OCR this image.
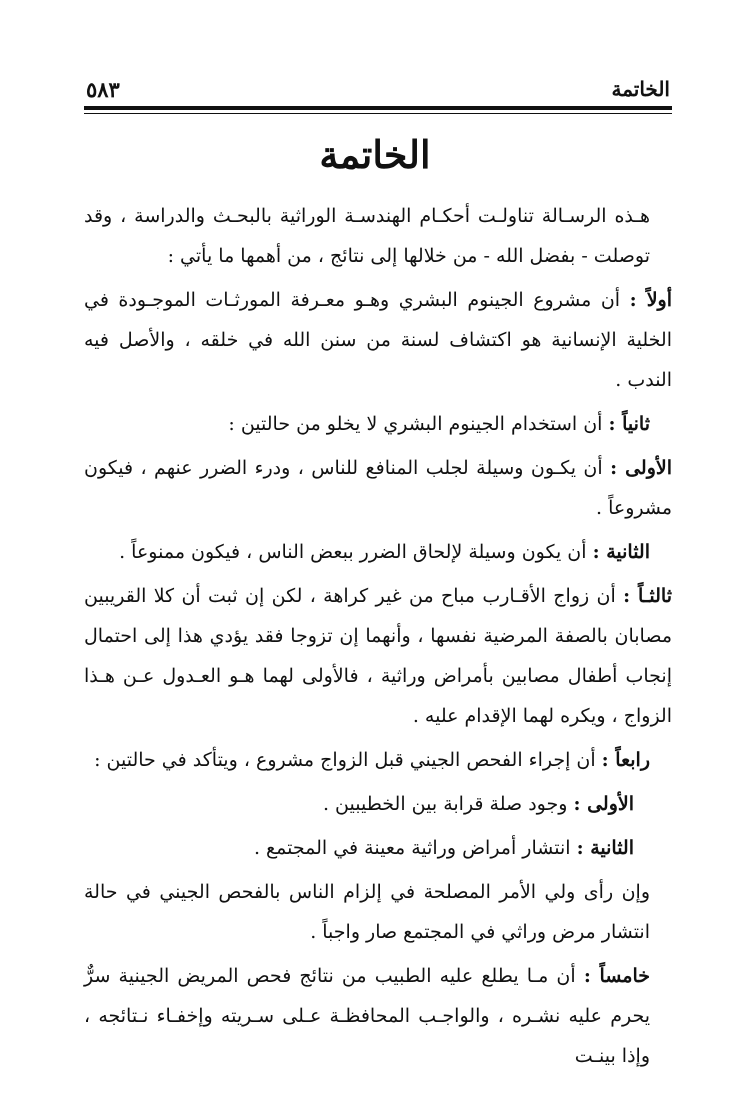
الخاتمة
٥٨٣
الخاتمة

هـذه الرسـالة تناولـت أحكـام الهندسـة الوراثية بالبحـث والدراسة ، وقد توصلت - بفضل الله - من خلالها إلى نتائج ، من أهمها ما يأتي :

أولاً : أن مشروع الجينوم البشري وهـو معـرفة المورثـات الموجـودة في الخلية الإنسانية هو اكتشاف لسنة من سنن الله في خلقه ، والأصل فيه الندب .

ثانياً : أن استخدام الجينوم البشري لا يخلو من حالتين :

الأولى : أن يكـون وسيلة لجلب المنافع للناس ، ودرء الضرر عنهم ، فيكون مشروعاً .

الثانية : أن يكون وسيلة لإلحاق الضرر ببعض الناس ، فيكون ممنوعاً .

ثالثـاً : أن زواج الأقـارب مباح من غير كراهة ، لكن إن ثبت أن كلا القريبين مصابان بالصفة المرضية نفسها ، وأنهما إن تزوجا فقد يؤدي هذا إلى احتمال إنجاب أطفال مصابين بأمراض وراثية ، فالأولى لهما هـو العـدول عـن هـذا الزواج ، ويكره لهما الإقدام عليه .

رابعاً : أن إجراء الفحص الجيني قبل الزواج مشروع ، ويتأكد في حالتين :

الأولى : وجود صلة قرابة بين الخطيبين .

الثانية : انتشار أمراض وراثية معينة في المجتمع .

وإن رأى ولي الأمر المصلحة في إلزام الناس بالفحص الجيني في حالة انتشار مرض وراثي في المجتمع صار واجباً .

خامساً : أن مـا يطلع عليه الطبيب من نتائج فحص المريض الجينية سرٌّ يحرم عليه نشـره ، والواجـب المحافظـة عـلى سـريته وإخفـاء نـتائجه ، وإذا بينـت
